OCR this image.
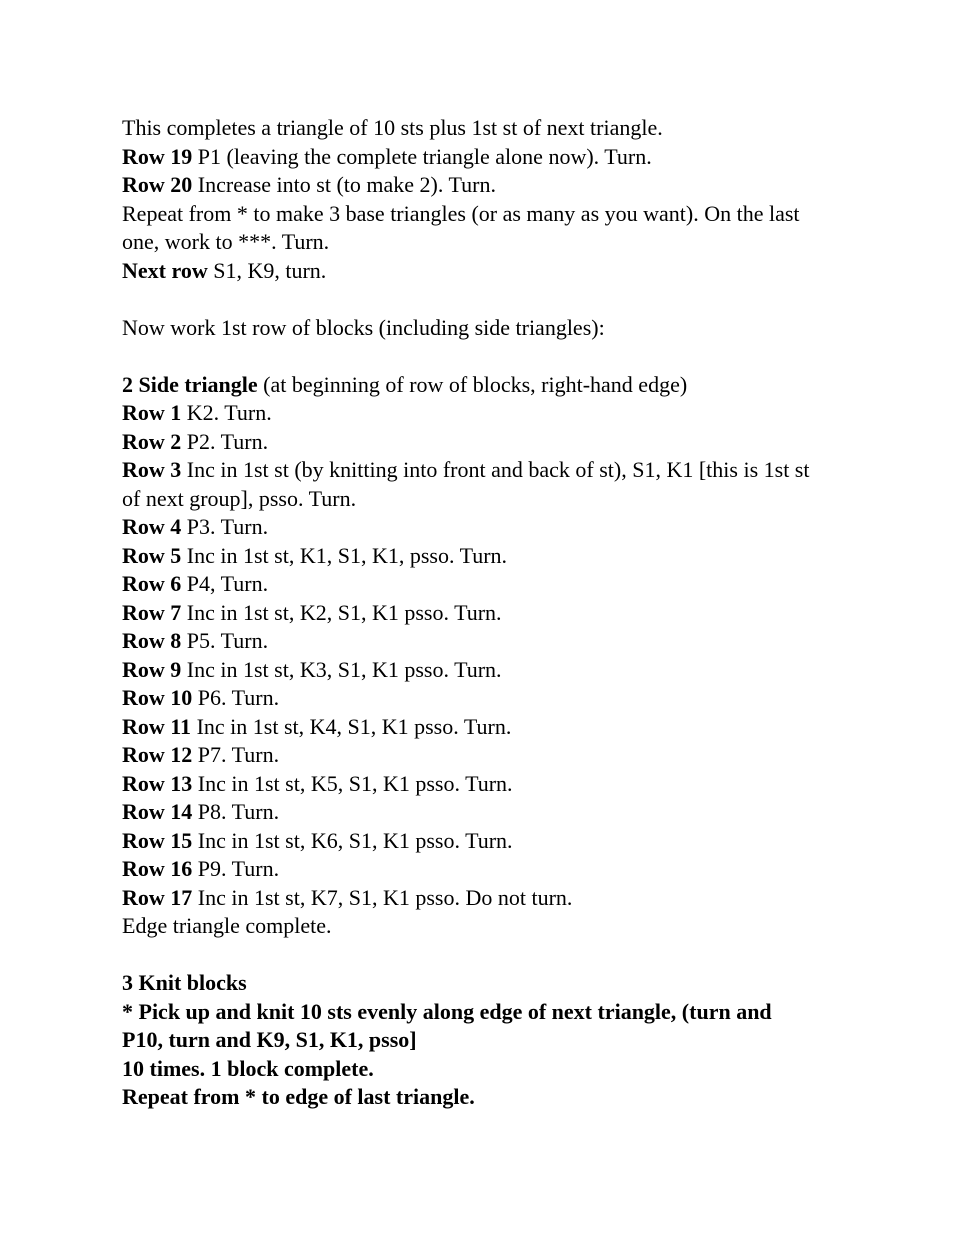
This completes a triangle of 10 sts plus 1st st of next triangle.
Row 19 P1 (leaving the complete triangle alone now). Turn.
Row 20 Increase into st (to make 2). Turn.
Repeat from * to make 3 base triangles (or as many as you want). On the last
one, work to ***. Turn.
Next row S1, K9, turn.
Now work 1st row of blocks (including side triangles):
2 Side triangle (at beginning of row of blocks, right-hand edge)
Row 1 K2. Turn.
Row 2 P2. Turn.
Row 3 Inc in 1st st (by knitting into front and back of st), S1, K1 [this is 1st st
of next group], psso. Turn.
Row 4 P3. Turn.
Row 5 Inc in 1st st, K1, S1, K1, psso. Turn.
Row 6 P4, Turn.
Row 7 Inc in 1st st, K2, S1, K1 psso. Turn.
Row 8 P5. Turn.
Row 9 Inc in 1st st, K3, S1, K1 psso. Turn.
Row 10 P6. Turn.
Row 11 Inc in 1st st, K4, S1, K1 psso. Turn.
Row 12 P7. Turn.
Row 13 Inc in 1st st, K5, S1, K1 psso. Turn.
Row 14 P8. Turn.
Row 15 Inc in 1st st, K6, S1, K1 psso. Turn.
Row 16 P9. Turn.
Row 17 Inc in 1st st, K7, S1, K1 psso. Do not turn.
Edge triangle complete.
3 Knit blocks
* Pick up and knit 10 sts evenly along edge of next triangle, (turn and
P10, turn and K9, S1, K1, psso]
10 times. 1 block complete.
Repeat from * to edge of last triangle.
